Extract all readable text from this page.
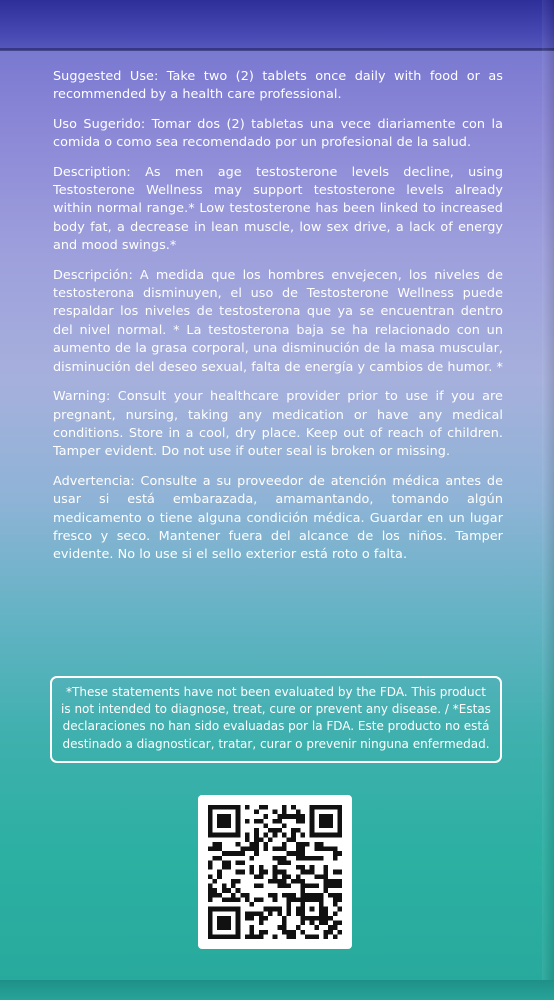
Suggested Use: Take two (2) tablets once daily with food or as recommended by a health care professional.

Uso Sugerido: Tomar dos (2) tabletas una vece diariamente con la comida o como sea recomendado por un profesional de la salud.

Description: As men age testosterone levels decline, using Testosterone Wellness may support testosterone levels already within normal range.* Low testosterone has been linked to increased body fat, a decrease in lean muscle, low sex drive, a lack of energy and mood swings.*

Descripción: A medida que los hombres envejecen, los niveles de testosterona disminuyen, el uso de Testosterone Wellness puede respaldar los niveles de testosterona que ya se encuentran dentro del nivel normal. * La testosterona baja se ha relacionado con un aumento de la grasa corporal, una disminución de la masa muscular, disminución del deseo sexual, falta de energía y cambios de humor. *

Warning: Consult your healthcare provider prior to use if you are pregnant, nursing, taking any medication or have any medical conditions. Store in a cool, dry place. Keep out of reach of children. Tamper evident. Do not use if outer seal is broken or missing.

Advertencia: Consulte a su proveedor de atención médica antes de usar si está embarazada, amamantando, tomando algún medicamento o tiene alguna condición médica. Guardar en un lugar fresco y seco. Mantener fuera del alcance de los niños. Tamper evidente. No lo use si el sello exterior está roto o falta.

*These statements have not been evaluated by the FDA. This product is not intended to diagnose, treat, cure or prevent any disease. / *Estas declaraciones no han sido evaluadas por la FDA. Este producto no está destinado a diagnosticar, tratar, curar o prevenir ninguna enfermedad.
